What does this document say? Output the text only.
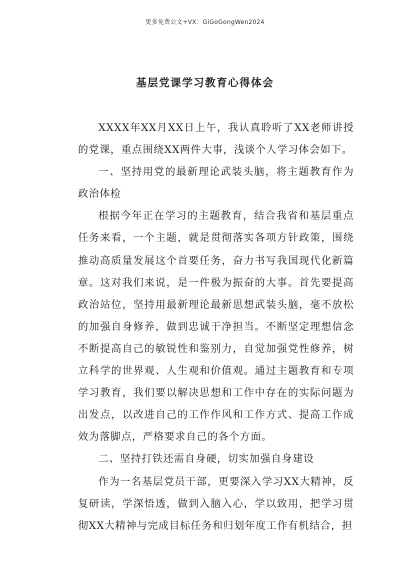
更多免费公文+VX：GiGoGongWen2024
基层党课学习教育心得体会

XXXX年XX月XX日上午，我认真聆听了XX老师讲授的党课，重点围绕XX两件大事，浅谈个人学习体会如下。

一、坚持用党的最新理论武装头脑，将主题教育作为政治体检

根据今年正在学习的主题教育，结合我省和基层重点任务来看，一个主题，就是贯彻落实各项方针政策，围绕推动高质量发展这个首要任务，奋力书写我国现代化新篇章。这对我们来说，是一件极为振奋的大事。首先要提高政治站位，坚持用最新理论最新思想武装头脑，毫不放松的加强自身修养，做到忠诚干净担当。不断坚定理想信念不断提高自己的敏锐性和鉴别力，自觉加强党性修养，树立科学的世界观、人生观和价值观。通过主题教育和专项学习教育，我们要以解决思想和工作中存在的实际问题为出发点，以改进自己的工作作风和工作方式、提高工作成效为落脚点，严格要求自己的各个方面。

二、坚持打铁还需自身硬，切实加强自身建设

作为一名基层党员干部，更要深入学习XX大精神，反复研读，学深悟透，做到入脑入心，学以致用，把学习贯彻XX大精神与完成目标任务和归划年度工作有机结合，担
